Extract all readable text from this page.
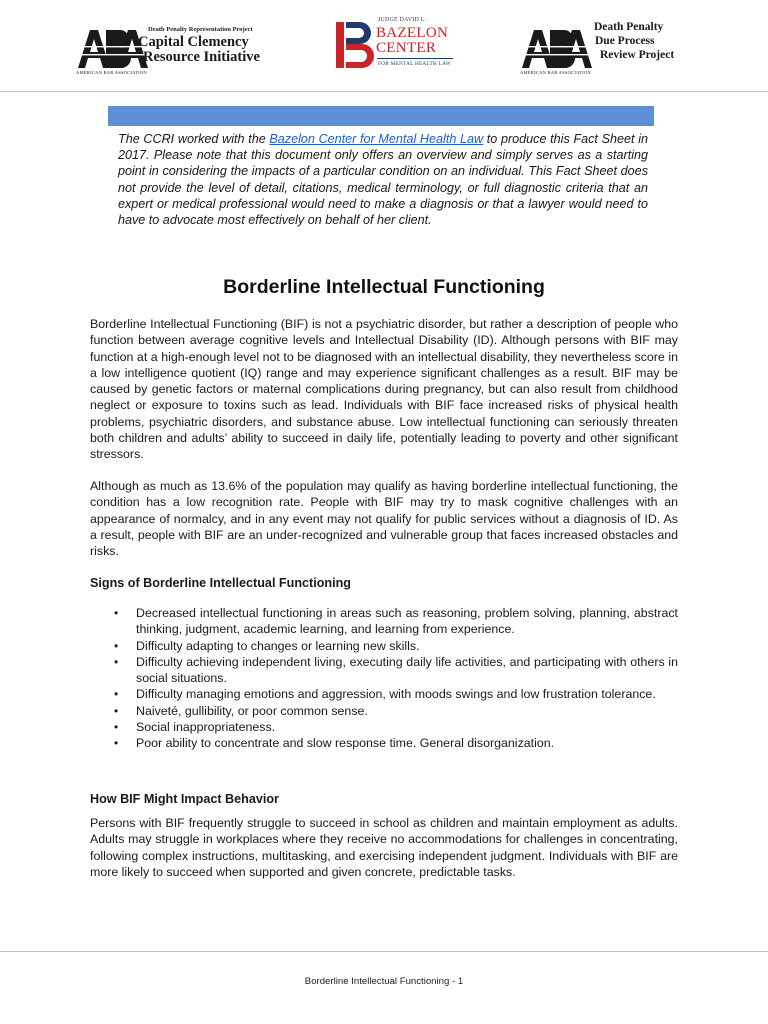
Death Penalty Representation Project
Capital Clemency
Resource Initiative
AMERICAN BAR ASSOCIATION
JUDGE DAVID L.
BAZELON
CENTER
FOR MENTAL HEALTH LAW
Death Penalty
Due Process
Review Project
AMERICAN BAR ASSOCIATION

The CCRI worked with the Bazelon Center for Mental Health Law to produce this Fact Sheet in 2017. Please note that this document only offers an overview and simply serves as a starting point in considering the impacts of a particular condition on an individual. This Fact Sheet does not provide the level of detail, citations, medical terminology, or full diagnostic criteria that an expert or medical professional would need to make a diagnosis or that a lawyer would need to have to advocate most effectively on behalf of her client.

Borderline Intellectual Functioning

Borderline Intellectual Functioning (BIF) is not a psychiatric disorder, but rather a description of people who function between average cognitive levels and Intellectual Disability (ID). Although persons with BIF may function at a high-enough level not to be diagnosed with an intellectual disability, they nevertheless score in a low intelligence quotient (IQ) range and may experience significant challenges as a result. BIF may be caused by genetic factors or maternal complications during pregnancy, but can also result from childhood neglect or exposure to toxins such as lead. Individuals with BIF face increased risks of physical health problems, psychiatric disorders, and substance abuse. Low intellectual functioning can seriously threaten both children and adults’ ability to succeed in daily life, potentially leading to poverty and other significant stressors.

Although as much as 13.6% of the population may qualify as having borderline intellectual functioning, the condition has a low recognition rate. People with BIF may try to mask cognitive challenges with an appearance of normalcy, and in any event may not qualify for public services without a diagnosis of ID. As a result, people with BIF are an under-recognized and vulnerable group that faces increased obstacles and risks.

Signs of Borderline Intellectual Functioning
• Decreased intellectual functioning in areas such as reasoning, problem solving, planning, abstract thinking, judgment, academic learning, and learning from experience.
• Difficulty adapting to changes or learning new skills.
• Difficulty achieving independent living, executing daily life activities, and participating with others in social situations.
• Difficulty managing emotions and aggression, with moods swings and low frustration tolerance.
• Naiveté, gullibility, or poor common sense.
• Social inappropriateness.
• Poor ability to concentrate and slow response time. General disorganization.
How BIF Might Impact Behavior

Persons with BIF frequently struggle to succeed in school as children and maintain employment as adults. Adults may struggle in workplaces where they receive no accommodations for challenges in concentrating, following complex instructions, multitasking, and exercising independent judgment. Individuals with BIF are more likely to succeed when supported and given concrete, predictable tasks.

Borderline Intellectual Functioning - 1
